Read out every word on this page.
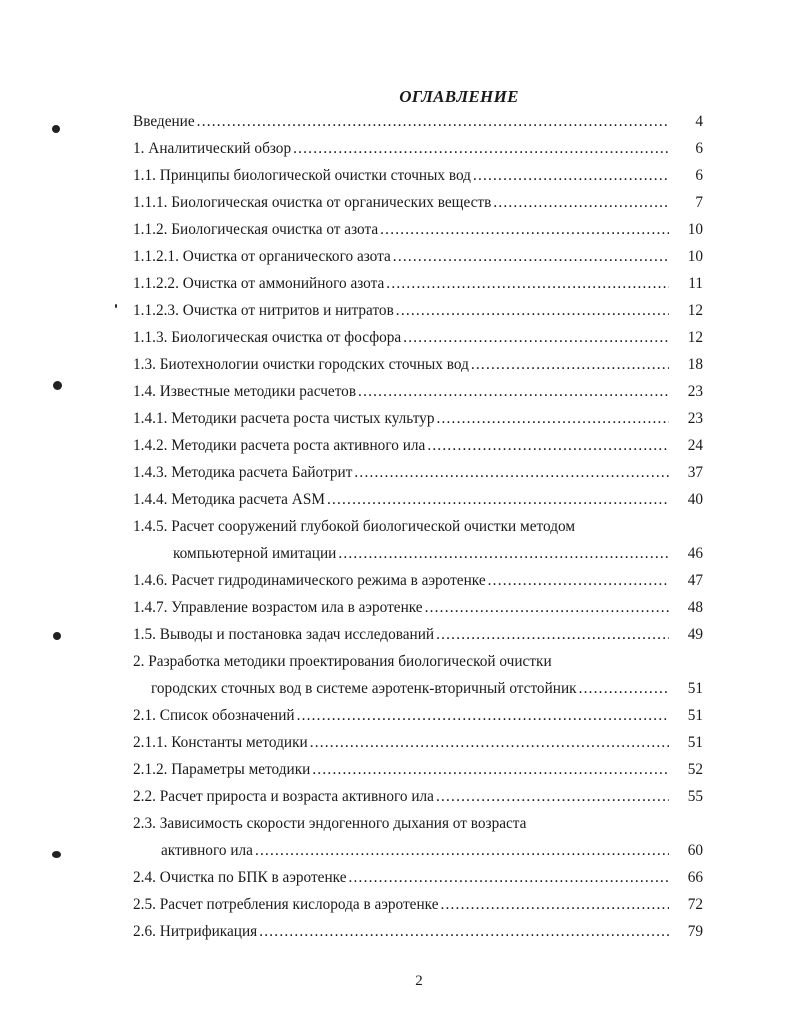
ОГЛАВЛЕНИЕ
Введение .....	4
1. Аналитический обзор .....	6
1.1. Принципы биологической очистки сточных вод .....	6
1.1.1. Биологическая очистка от органических веществ .....	7
1.1.2. Биологическая очистка от азота .....	10
1.1.2.1. Очистка от органического азота .....	10
1.1.2.2. Очистка от аммонийного азота .....	11
1.1.2.3. Очистка от нитритов и нитратов .....	12
1.1.3. Биологическая очистка от фосфора .....	12
1.3. Биотехнологии очистки городских сточных вод .....	18
1.4. Известные методики расчетов .....	23
1.4.1. Методики расчета роста чистых культур .....	23
1.4.2. Методики расчета роста активного ила .....	24
1.4.3. Методика расчета Байотрит .....	37
1.4.4. Методика расчета ASM .....	40
1.4.5. Расчет сооружений глубокой биологической очистки методом
компьютерной имитации .....	46
1.4.6. Расчет гидродинамического режима в аэротенке .....	47
1.4.7. Управление возрастом ила в аэротенке .....	48
1.5. Выводы и постановка задач исследований .....	49
2. Разработка методики проектирования биологической очистки
городских сточных вод в системе аэротенк-вторичный отстойник .....	51
2.1. Список обозначений .....	51
2.1.1. Константы методики .....	51
2.1.2. Параметры методики .....	52
2.2. Расчет прироста и возраста активного ила .....	55
2.3. Зависимость скорости эндогенного дыхания от возраста
активного ила .....	60
2.4. Очистка по БПК в аэротенке .....	66
2.5. Расчет потребления кислорода в аэротенке .....	72
2.6. Нитрификация .....	79
2
